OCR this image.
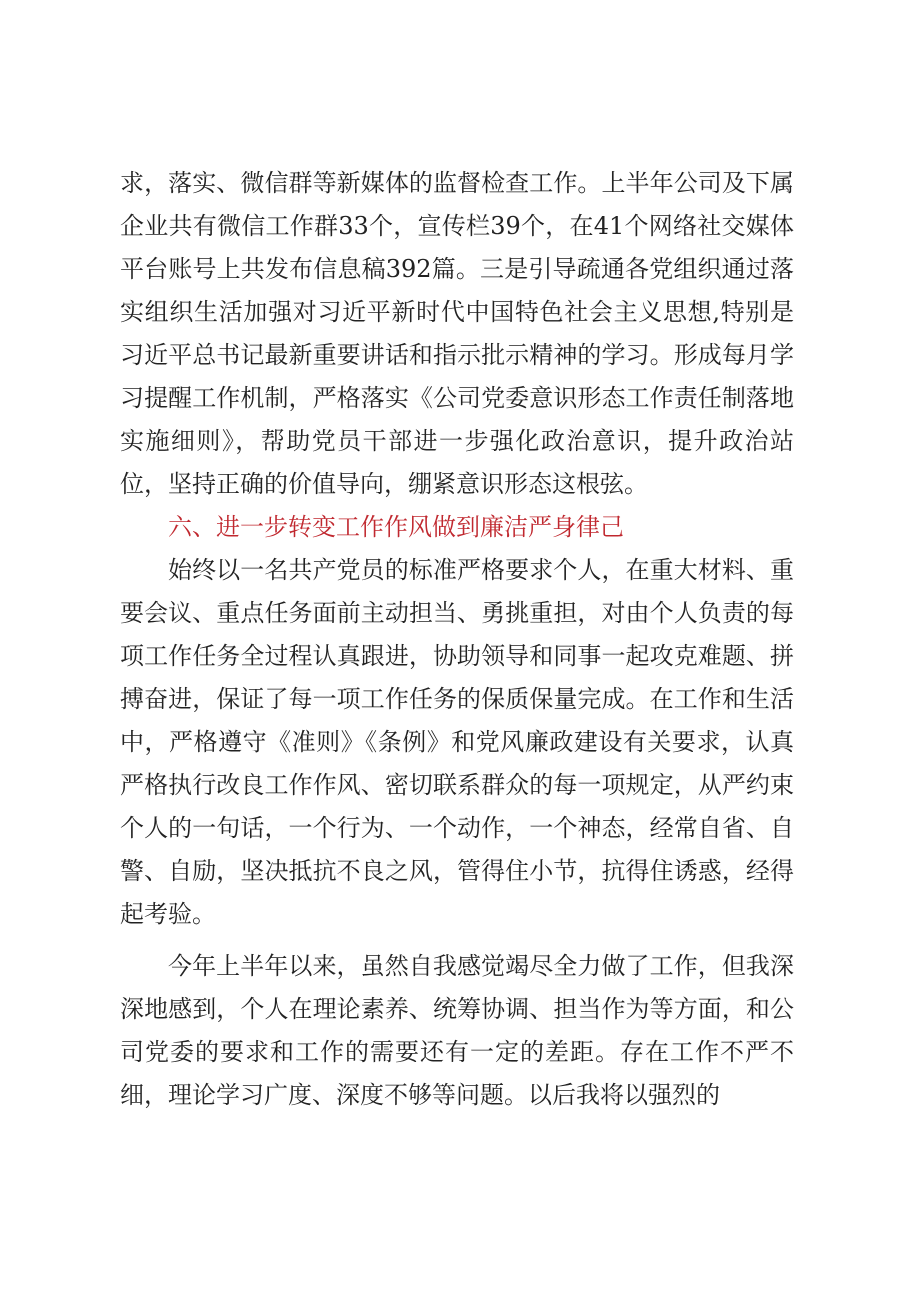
求，落实、微信群等新媒体的监督检查工作。上半年公司及下属企业共有微信工作群33个，宣传栏39个，在41个网络社交媒体平台账号上共发布信息稿392篇。三是引导疏通各党组织通过落实组织生活加强对习近平新时代中国特色社会主义思想,特别是习近平总书记最新重要讲话和指示批示精神的学习。形成每月学习提醒工作机制，严格落实《公司党委意识形态工作责任制落地实施细则》，帮助党员干部进一步强化政治意识，提升政治站位，坚持正确的价值导向，绷紧意识形态这根弦。

六、进一步转变工作作风做到廉洁严身律己

始终以一名共产党员的标准严格要求个人，在重大材料、重要会议、重点任务面前主动担当、勇挑重担，对由个人负责的每项工作任务全过程认真跟进，协助领导和同事一起攻克难题、拼搏奋进，保证了每一项工作任务的保质保量完成。在工作和生活中，严格遵守《准则》《条例》和党风廉政建设有关要求，认真严格执行改良工作作风、密切联系群众的每一项规定，从严约束个人的一句话，一个行为、一个动作，一个神态，经常自省、自警、自励，坚决抵抗不良之风，管得住小节，抗得住诱惑，经得起考验。

今年上半年以来，虽然自我感觉竭尽全力做了工作，但我深深地感到，个人在理论素养、统筹协调、担当作为等方面，和公司党委的要求和工作的需要还有一定的差距。存在工作不严不细，理论学习广度、深度不够等问题。以后我将以强烈的
